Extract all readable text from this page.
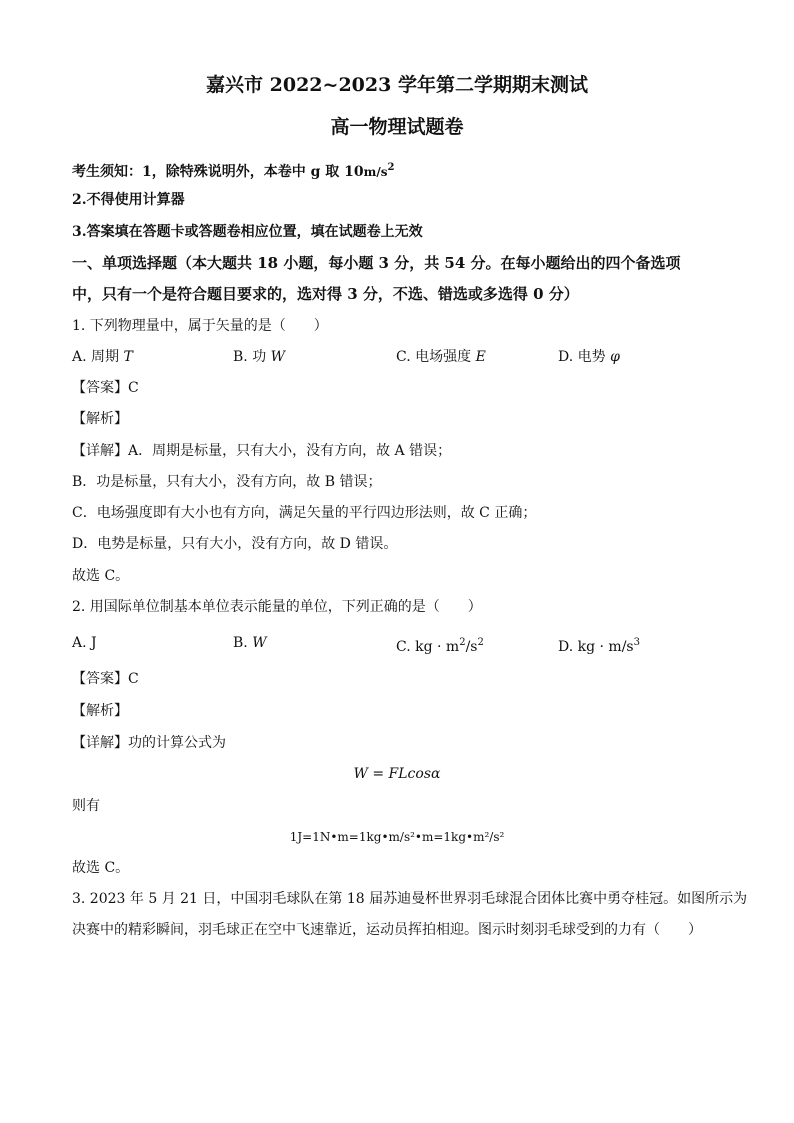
嘉兴市 2022~2023 学年第二学期期末测试
高一物理试题卷
考生须知：1，除特殊说明外，本卷中 g 取 $10m/s^2$
2.不得使用计算器
3.答案填在答题卡或答题卷相应位置，填在试题卷上无效
一、单项选择题（本大题共 18 小题，每小题 3 分，共 54 分。在每小题给出的四个备选项
中，只有一个是符合题目要求的，选对得 3 分，不选、错选或多选得 0 分）
1. 下列物理量中，属于矢量的是（　　）
A. 周期 T	B. 功 W	C. 电场强度 E	D. 电势 φ
【答案】C
【解析】
【详解】A．周期是标量，只有大小，没有方向，故 A 错误；
B．功是标量，只有大小，没有方向，故 B 错误；
C．电场强度即有大小也有方向，满足矢量的平行四边形法则，故 C 正确；
D．电势是标量，只有大小，没有方向，故 D 错误。
故选 C。
2. 用国际单位制基本单位表示能量的单位，下列正确的是（　　）
A. J	B. W	C. kg · $m^2/s^2$	D. kg · $m/s^3$
【答案】C
【解析】
【详解】功的计算公式为
W = FLcosα
则有
1J=1N•m=1kg•m/s²•m=1kg•m²/s²
故选 C。
3. 2023 年 5 月 21 日，中国羽毛球队在第 18 届苏迪曼杯世界羽毛球混合团体比赛中勇夺桂冠。如图所示为
决赛中的精彩瞬间，羽毛球正在空中飞速靠近，运动员挥拍相迎。图示时刻羽毛球受到的力有（　　）
